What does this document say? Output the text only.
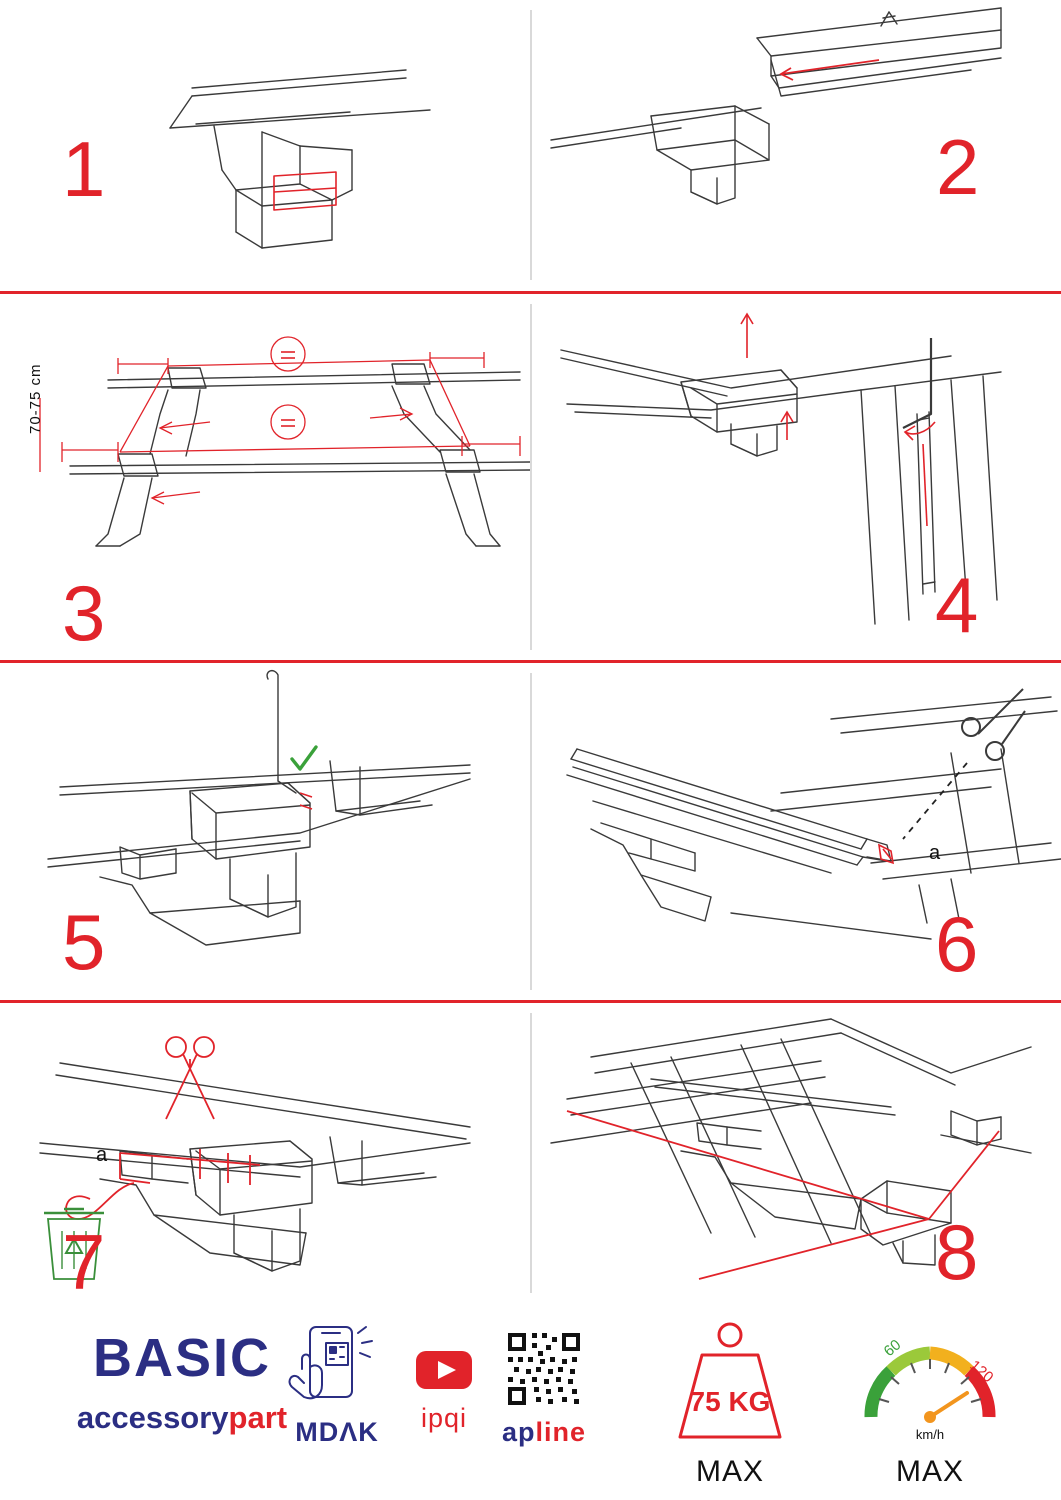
1	2
70-75 cm
3	4
5
a
6
a
7	8
BASIC
accessorypart MDΛK	ipqi	apline
75 KG
MAX
60
120
km/h
MAX
